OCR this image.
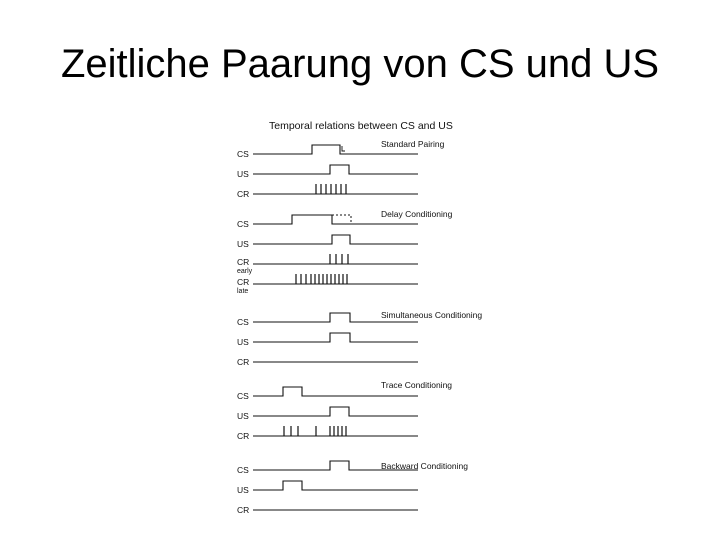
Zeitliche Paarung von CS und US
Temporal relations between CS and US
Standard Pairing
CS
US
CR
Delay Conditioning
CS
US
CR
early
CR
late
Simultaneous Conditioning
CS
US
CR
Trace Conditioning
CS
US
CR
Backward Conditioning
CS
US
CR
